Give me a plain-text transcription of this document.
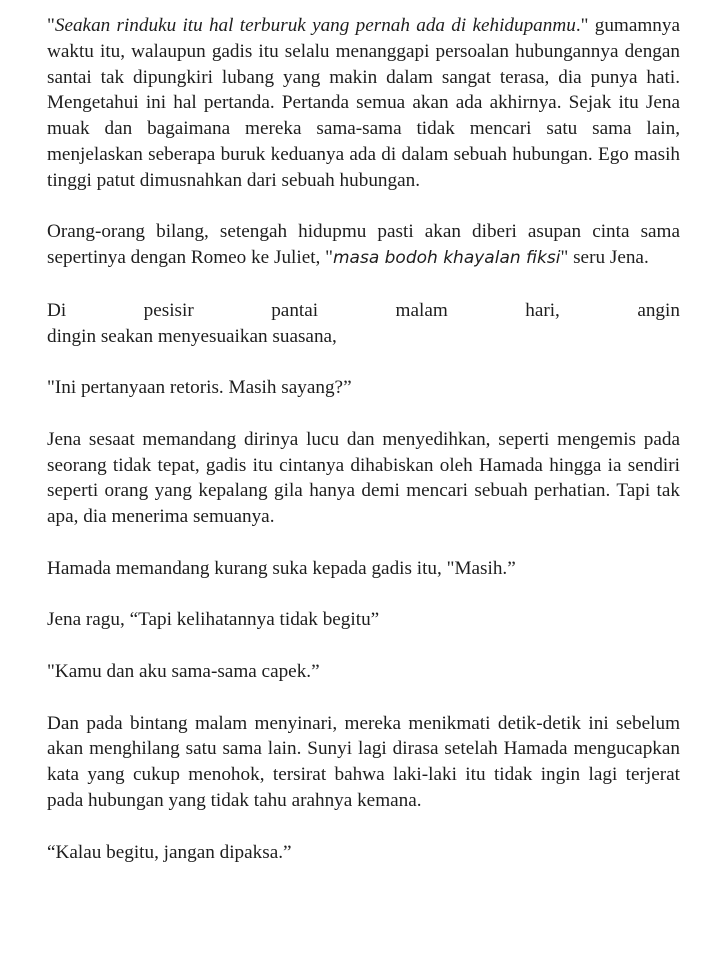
"Seakan rinduku itu hal terburuk yang pernah ada di kehidupanmu." gumamnya waktu itu, walaupun gadis itu selalu menanggapi persoalan hubungannya dengan santai tak dipungkiri lubang yang makin dalam sangat terasa, dia punya hati. Mengetahui ini hal pertanda. Pertanda semua akan ada akhirnya. Sejak itu Jena muak dan bagaimana mereka sama-sama tidak mencari satu sama lain, menjelaskan seberapa buruk keduanya ada di dalam sebuah hubungan. Ego masih tinggi patut dimusnahkan dari sebuah hubungan.

Orang-orang bilang, setengah hidupmu pasti akan diberi asupan cinta sama sepertinya dengan Romeo ke Juliet, "masa bodoh khayalan fiksi" seru Jena.

Di	pesisir	pantai	malam	hari,	angin
dingin seakan menyesuaikan suasana,

"Ini pertanyaan retoris. Masih sayang?”

Jena sesaat memandang dirinya lucu dan menyedihkan, seperti mengemis pada seorang tidak tepat, gadis itu cintanya dihabiskan oleh Hamada hingga ia sendiri seperti orang yang kepalang gila hanya demi mencari sebuah perhatian. Tapi tak apa, dia menerima semuanya.

Hamada memandang kurang suka kepada gadis itu, "Masih.”

Jena ragu, “Tapi kelihatannya tidak begitu”

"Kamu dan aku sama-sama capek.”

Dan pada bintang malam menyinari, mereka menikmati detik-detik ini sebelum akan menghilang satu sama lain. Sunyi lagi dirasa setelah Hamada mengucapkan kata yang cukup menohok, tersirat bahwa laki-laki itu tidak ingin lagi terjerat pada hubungan yang tidak tahu arahnya kemana.

“Kalau begitu, jangan dipaksa.”
